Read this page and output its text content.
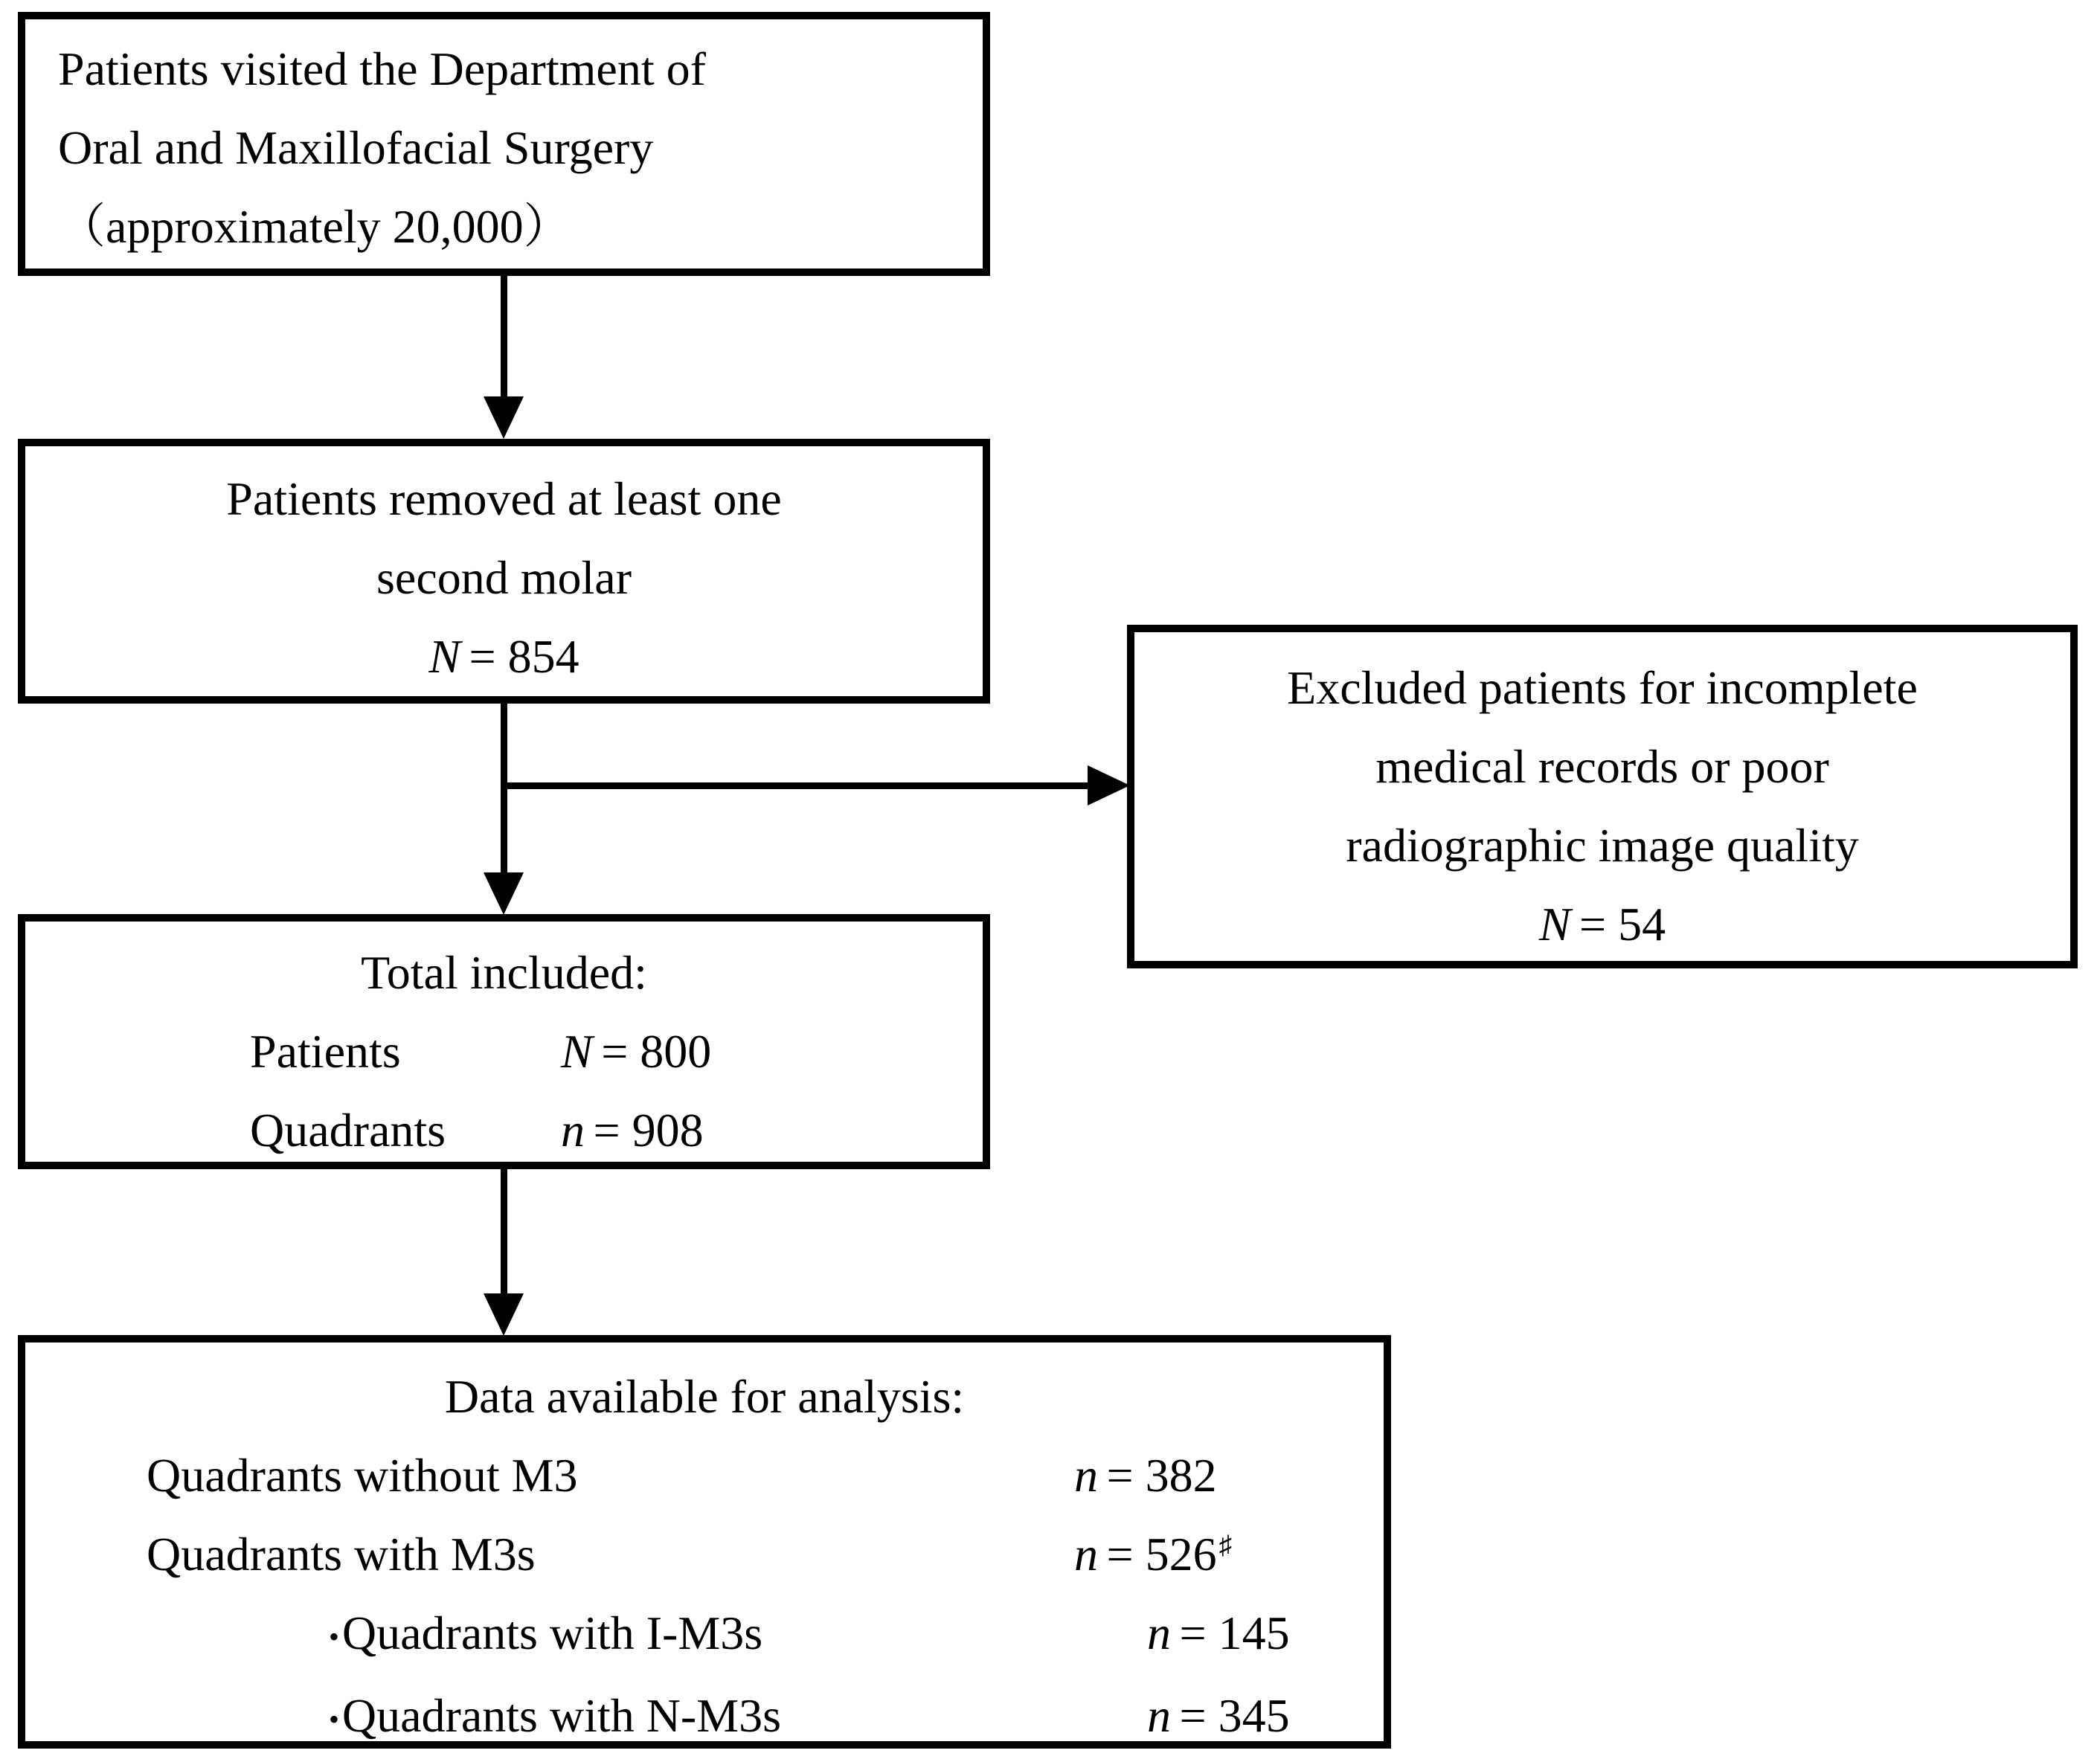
Patients visited the Department of
Oral and Maxillofacial Surgery
（approximately 20,000）
Patients removed at least one
second molar
N = 854
Excluded patients for incomplete
medical records or poor
radiographic image quality
N = 54
Total included:
Patients	N = 800
Quadrants n = 908
Data available for analysis:
Quadrants without M3	n = 382
Quadrants with M3s	n = 526♯
•Quadrants with I-M3s	n = 145
•Quadrants with N-M3s	n = 345
